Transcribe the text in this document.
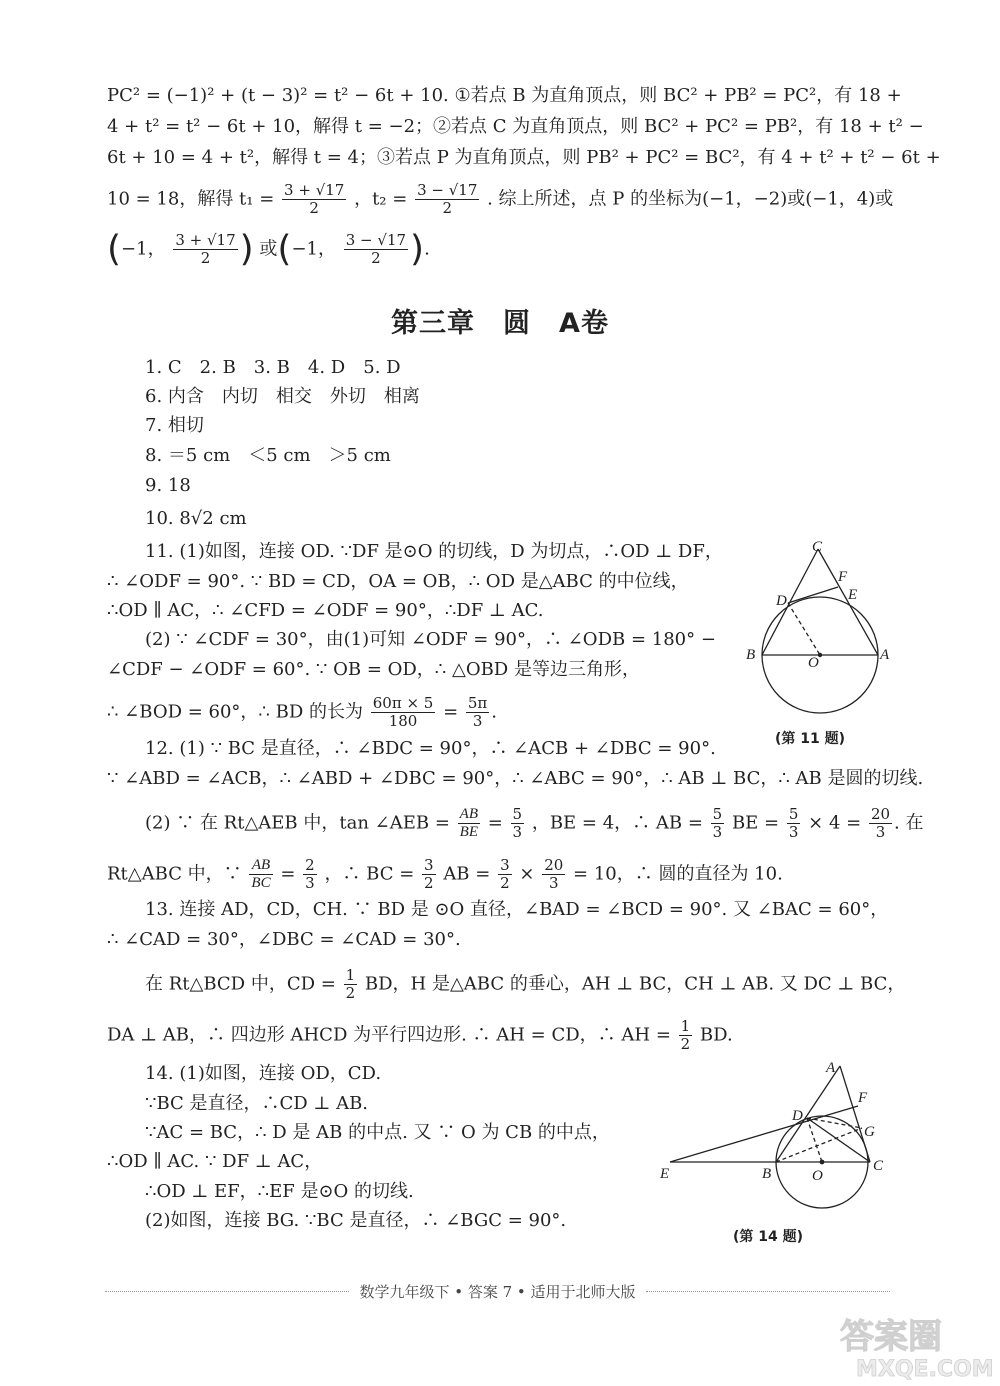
PC² = (−1)² + (t − 3)² = t² − 6t + 10. ①若点 B 为直角顶点，则 BC² + PB² = PC²，有 18 +
4 + t² = t² − 6t + 10，解得 t = −2；②若点 C 为直角顶点，则 BC² + PC² = PB²，有 18 + t² −
6t + 10 = 4 + t²，解得 t = 4；③若点 P 为直角顶点，则 PB² + PC² = BC²，有 4 + t² + t² − 6t +
10 = 18，解得 $t_1 = \frac{3 + √17}{2}$ ，$t_2 = \frac{3 - √17}{2}$ . 综上所述，点 P 的坐标为(−1，−2)或(−1，4)或
(−1， $\frac{3 + √17}{2}$ ) 或(−1， $\frac{3 - √17}{2}$ ).
第三章　圆　A卷
1. C　2. B　3. B　4. D　5. D
6. 内含　内切　相交　外切　相离
7. 相切
8. ＝5 cm　＜5 cm　＞5 cm
9. 18
10. 8√2 cm
11. (1)如图，连接 OD. ∵DF 是⊙O 的切线，D 为切点，∴OD ⊥ DF，
∴ ∠ODF = 90°. ∵ BD = CD，OA = OB，∴ OD 是△ABC 的中位线，
∴OD ∥ AC，∴ ∠CFD = ∠ODF = 90°，∴DF ⊥ AC.
(2) ∵ ∠CDF = 30°，由(1)可知 ∠ODF = 90°，∴ ∠ODB = 180° −
∠CDF − ∠ODF = 60°. ∵ OB = OD，∴ △OBD 是等边三角形，
∴ ∠BOD = 60°，∴ BD 的长为 $\frac{60\pi \times 5}{180} = \frac{5\pi}{3}$ .
C
F
D	E
B	O	A
(第 11 题)
12. (1) ∵ BC 是直径，∴ ∠BDC = 90°，∴ ∠ACB + ∠DBC = 90°.
∵ ∠ABD = ∠ACB，∴ ∠ABD + ∠DBC = 90°，∴ ∠ABC = 90°，∴ AB ⊥ BC，∴ AB 是圆的切线.
(2) ∵ 在 Rt△AEB 中，tan ∠AEB = $\frac{AB}{BE} = \frac{5}{3}$ ，BE = 4，∴ AB = $\frac{5}{3}$ BE = $\frac{5}{3} \times 4 = \frac{20}{3}$ . 在
Rt△ABC 中，∵ $\frac{AB}{BC} = \frac{2}{3}$ ，∴ BC = $\frac{3}{2}$ AB = $\frac{3}{2} \times \frac{20}{3} = 10$，∴ 圆的直径为 10.
13. 连接 AD，CD，CH. ∵ BD 是 ⊙O 直径，∠BAD = ∠BCD = 90°. 又 ∠BAC = 60°，
∴ ∠CAD = 30°，∠DBC = ∠CAD = 30°.
在 Rt△BCD 中，CD = $\frac{1}{2}$ BD，H 是△ABC 的垂心，AH ⊥ BC，CH ⊥ AB. 又 DC ⊥ BC，
DA ⊥ AB，∴ 四边形 AHCD 为平行四边形. ∴ AH = CD，∴ AH = $\frac{1}{2}$ BD.
14. (1)如图，连接 OD，CD.
∵BC 是直径，∴CD ⊥ AB.
∵AC = BC，∴ D 是 AB 的中点. 又 ∵ O 为 CB 的中点，
∴OD ∥ AC. ∵ DF ⊥ AC，
∴OD ⊥ EF，∴EF 是⊙O 的切线.
(2)如图，连接 BG. ∵BC 是直径，∴ ∠BGC = 90°.
A
F
D
G
E	B	O
C
(第 14 题)
数学九年级下 • 答案 7 • 适用于北师大版
答案圈
MXQE.COM
